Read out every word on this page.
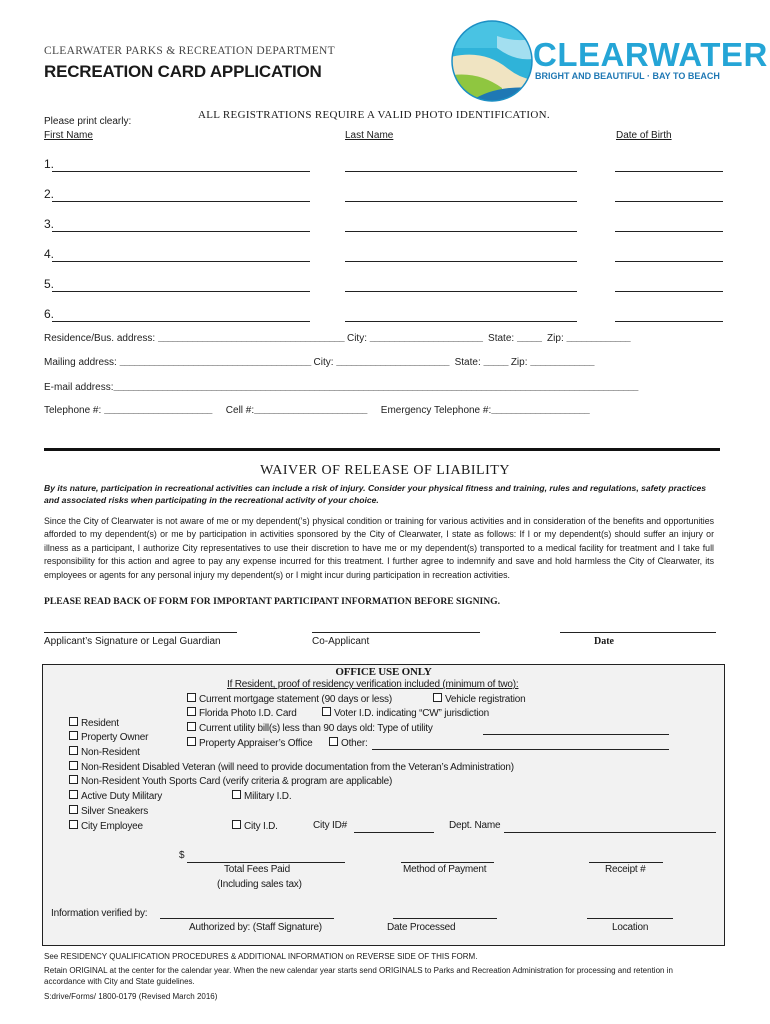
CLEARWATER PARKS & RECREATION DEPARTMENT
RECREATION CARD APPLICATION	CLEARWATER
BRIGHT AND BEAUTIFUL · BAY TO BEACH
Please print clearly:
ALL REGISTRATIONS REQUIRE A VALID PHOTO IDENTIFICATION.
First Name	Last Name	Date of Birth
1.
2.
3.
4.
5.
6.
Residence/Bus. address: ______________________________________ City: _______________________ State: _____ Zip: _____________
Mailing address: _______________________________________ City: _______________________ State: _____ Zip: _____________
E-mail address:___________________________________________________________________________________________________________
Telephone #: ______________________ Cell #:_______________________ Emergency Telephone #:____________________
WAIVER OF RELEASE OF LIABILITY
By its nature, participation in recreational activities can include a risk of injury. Consider your physical fitness and training, rules and regulations, safety practices and associated risks when participating in the recreational activity of your choice.
Since the City of Clearwater is not aware of me or my dependent(’s) physical condition or training for various activities and in consideration of the benefits and opportunities afforded to my dependent(s) or me by participation in activities sponsored by the City of Clearwater, I state as follows: If I or my dependent(s) should suffer an injury or illness as a participant, I authorize City representatives to use their discretion to have me or my dependent(s) transported to a medical facility for treatment and I take full responsibility for this action and agree to pay any expense incurred for this treatment. I further agree to indemnify and save and hold harmless the City of Clearwater, its employees or agents for any personal injury my dependent(s) or I might incur during participation in recreation activities.
PLEASE READ BACK OF FORM FOR IMPORTANT PARTICIPANT INFORMATION BEFORE SIGNING.
Applicant’s Signature or Legal Guardian	Co-Applicant	Date
OFFICE USE ONLY
If Resident, proof of residency verification included (minimum of two):
Current mortgage statement (90 days or less)	Vehicle registration
Florida Photo I.D. Card	Voter I.D. indicating “CW” jurisdiction
Resident	Current utility bill(s) less than 90 days old: Type of utility
Property Owner
Property Appraiser’s Office	Other:
Non-Resident
Non-Resident Disabled Veteran (will need to provide documentation from the Veteran’s Administration)
Non-Resident Youth Sports Card (verify criteria & program are applicable)
Active Duty Military	Military I.D.
Silver Sneakers
City Employee	City I.D.	City ID#	Dept. Name
$
Total Fees Paid
(Including sales tax)
Method of Payment	Receipt #
Information verified by:
Authorized by: (Staff Signature)	Date Processed	Location
See RESIDENCY QUALIFICATION PROCEDURES & ADDITIONAL INFORMATION on REVERSE SIDE OF THIS FORM.
Retain ORIGINAL at the center for the calendar year. When the new calendar year starts send ORIGINALS to Parks and Recreation Administration for processing and retention in accordance with City and State guidelines.
S:drive/Forms/ 1800-0179 (Revised March 2016)
